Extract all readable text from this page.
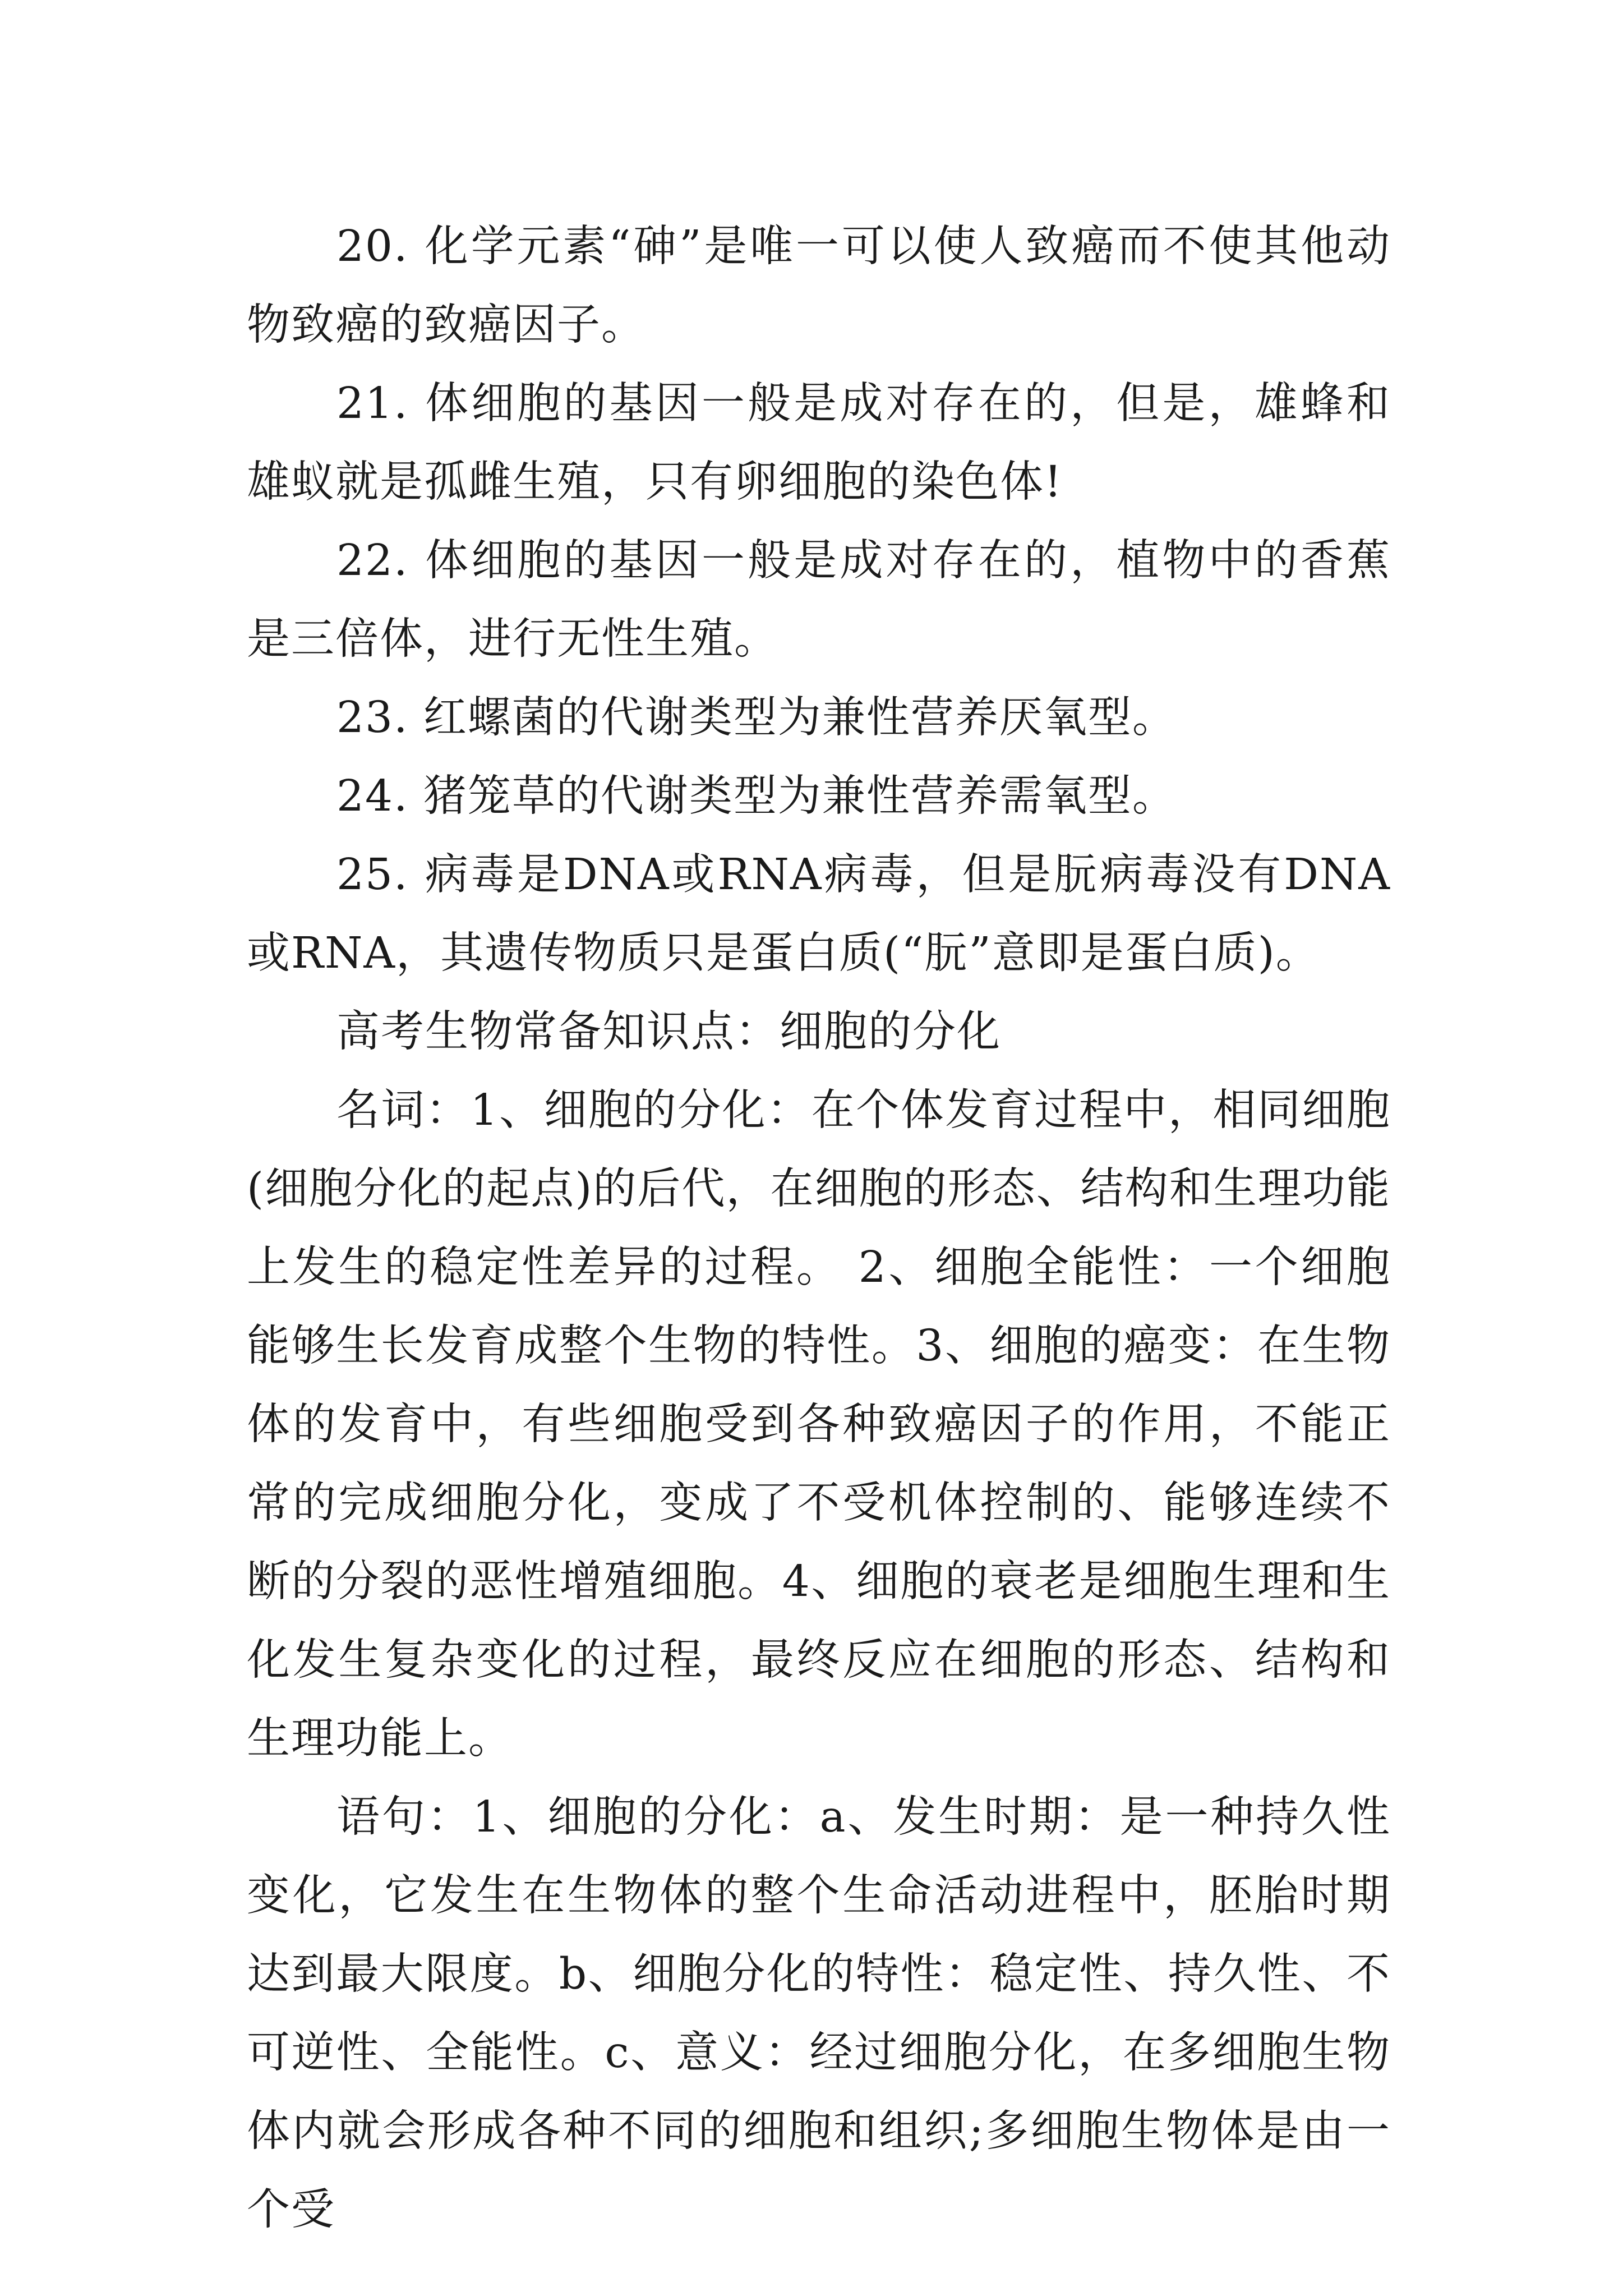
20. 化学元素“砷”是唯一可以使人致癌而不使其他动物致癌的致癌因子。

21. 体细胞的基因一般是成对存在的，但是，雄蜂和雄蚁就是孤雌生殖，只有卵细胞的染色体!

22. 体细胞的基因一般是成对存在的，植物中的香蕉是三倍体，进行无性生殖。

23. 红螺菌的代谢类型为兼性营养厌氧型。

24. 猪笼草的代谢类型为兼性营养需氧型。

25. 病毒是DNA或RNA病毒，但是朊病毒没有DNA或RNA，其遗传物质只是蛋白质(“朊”意即是蛋白质)。

高考生物常备知识点：细胞的分化

名词：1、细胞的分化：在个体发育过程中，相同细胞(细胞分化的起点)的后代，在细胞的形态、结构和生理功能上发生的稳定性差异的过程。 2、细胞全能性：一个细胞能够生长发育成整个生物的特性。3、细胞的癌变：在生物体的发育中，有些细胞受到各种致癌因子的作用，不能正常的完成细胞分化，变成了不受机体控制的、能够连续不断的分裂的恶性增殖细胞。4、细胞的衰老是细胞生理和生化发生复杂变化的过程，最终反应在细胞的形态、结构和生理功能上。

语句：1、细胞的分化：a、发生时期：是一种持久性变化，它发生在生物体的整个生命活动进程中，胚胎时期达到最大限度。b、细胞分化的特性：稳定性、持久性、不可逆性、全能性。c、意义：经过细胞分化，在多细胞生物体内就会形成各种不同的细胞和组织;多细胞生物体是由一个受
